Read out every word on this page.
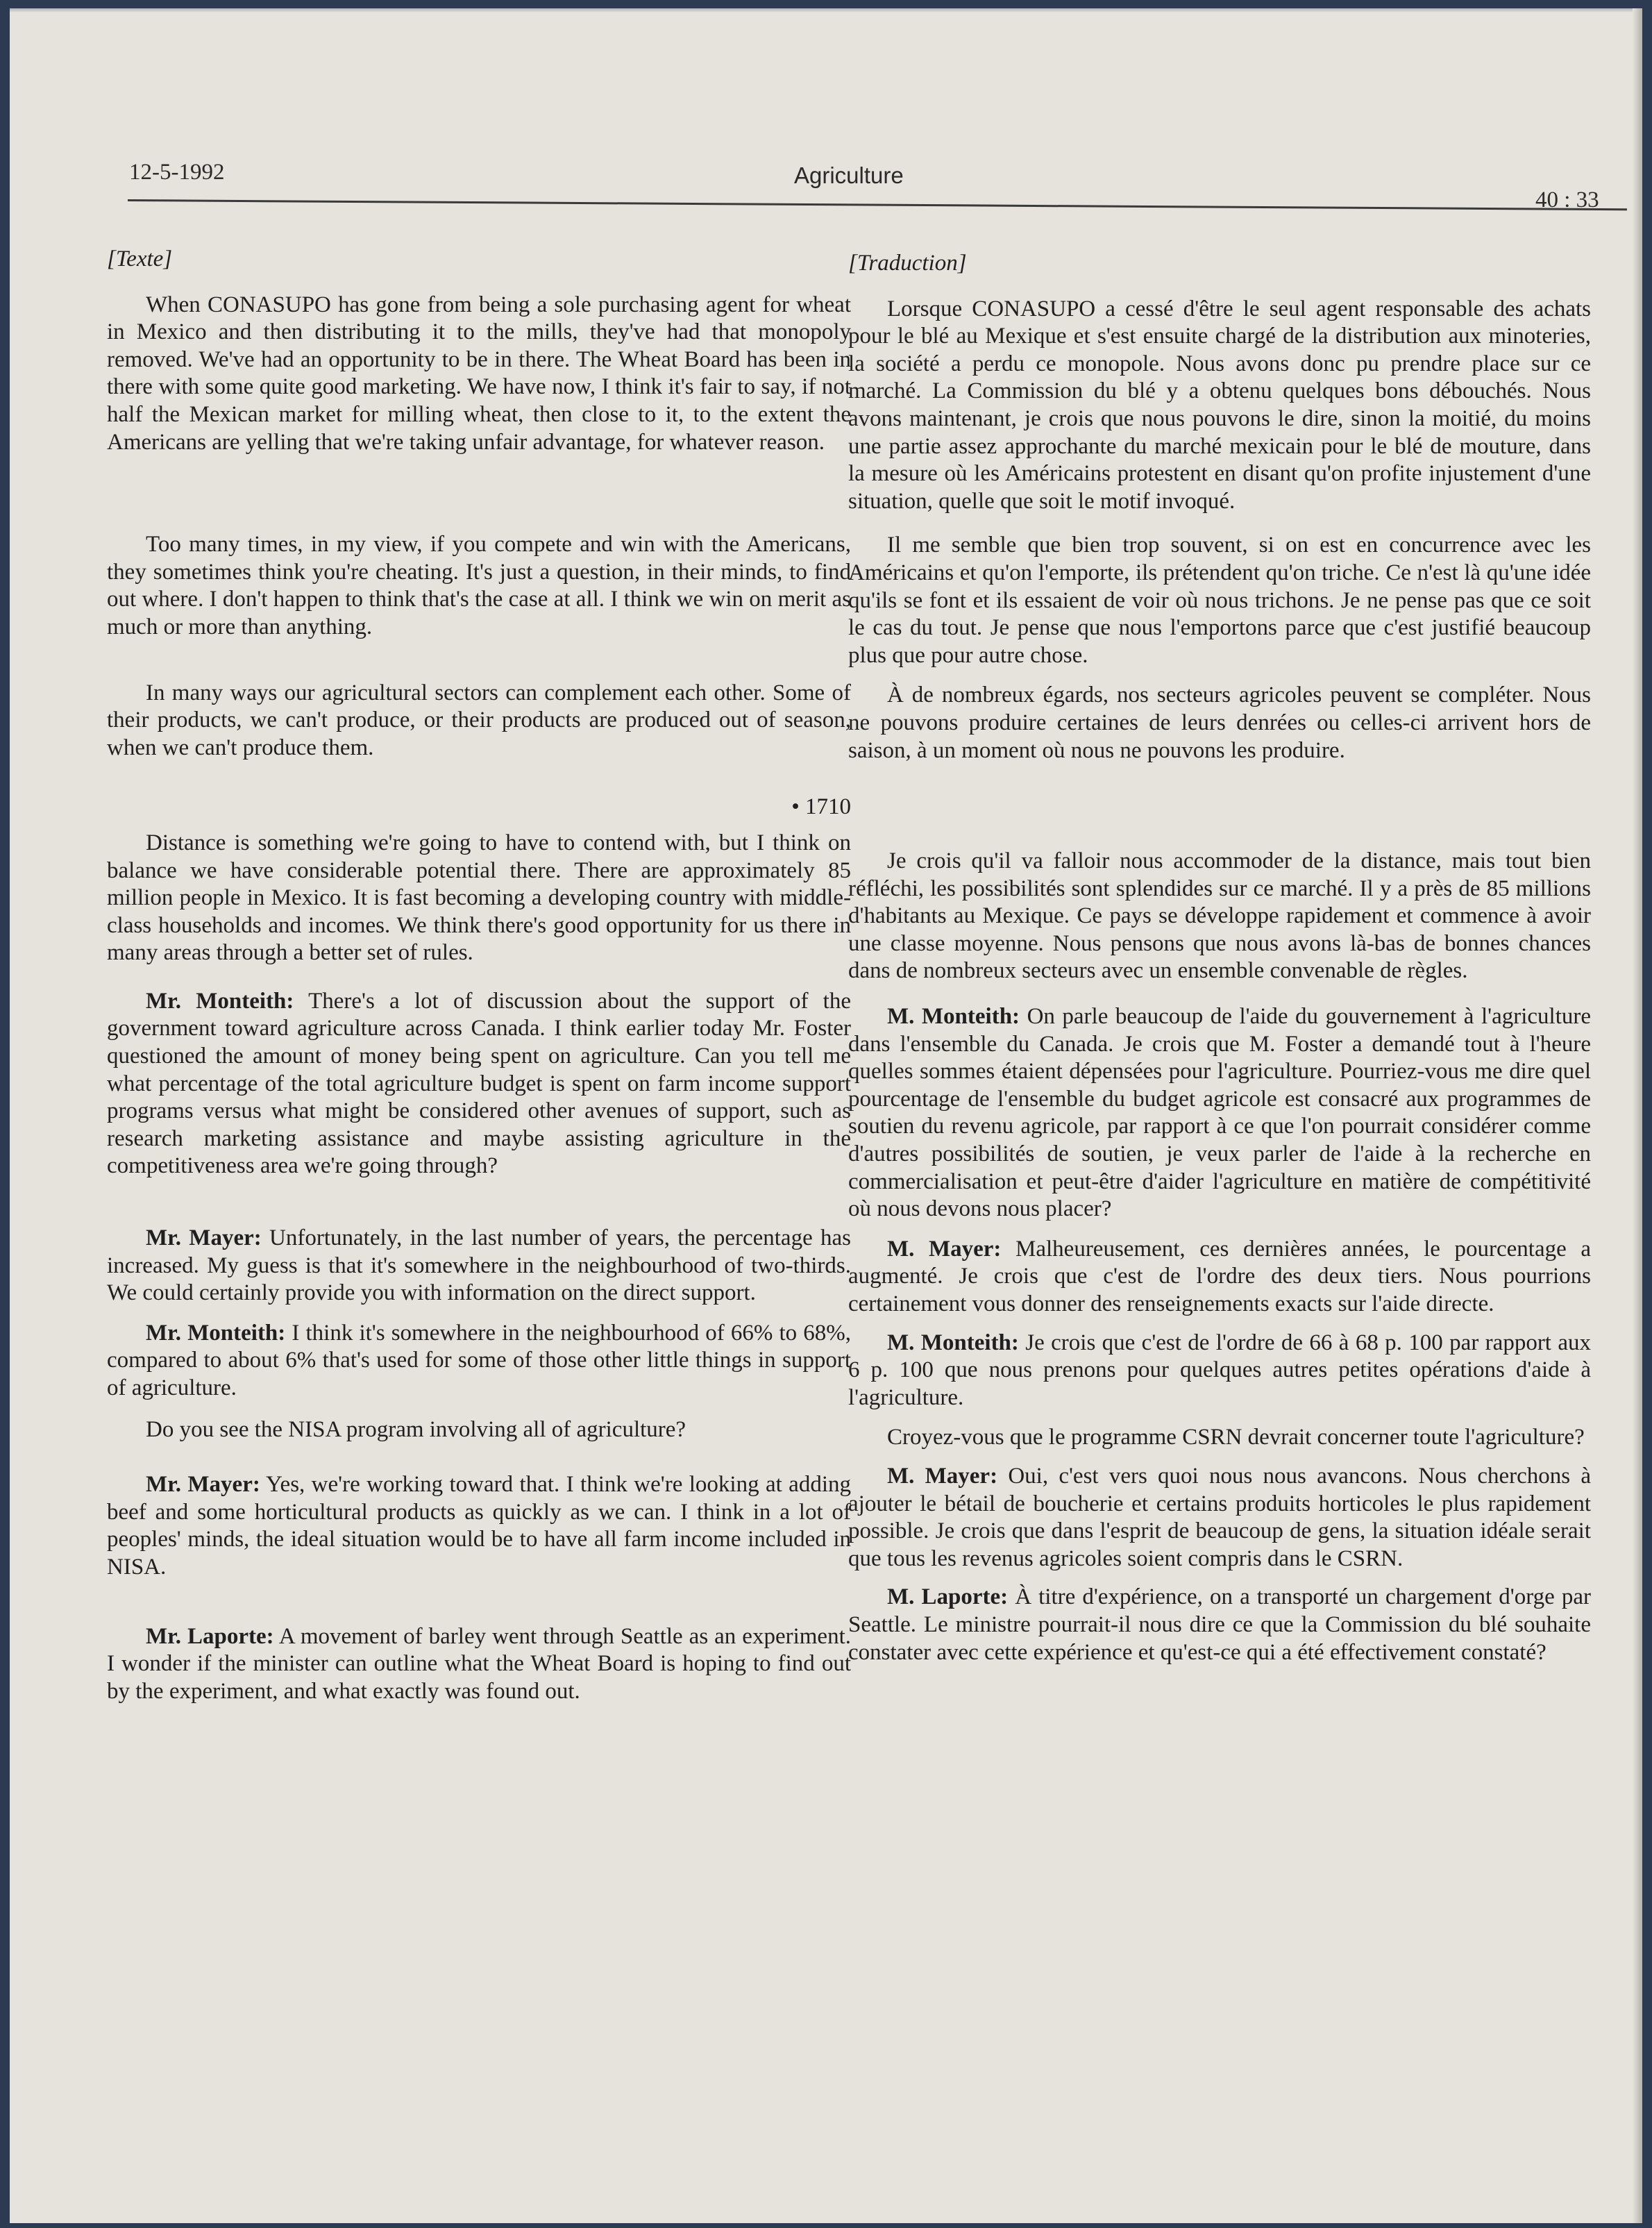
12-5-1992	Agriculture
40 : 33

[Texte]

When CONASUPO has gone from being a sole purchasing agent for wheat in Mexico and then distributing it to the mills, they've had that monopoly removed. We've had an opportunity to be in there. The Wheat Board has been in there with some quite good marketing. We have now, I think it's fair to say, if not half the Mexican market for milling wheat, then close to it, to the extent the Americans are yelling that we're taking unfair advantage, for whatever reason.

Too many times, in my view, if you compete and win with the Americans, they sometimes think you're cheating. It's just a question, in their minds, to find out where. I don't happen to think that's the case at all. I think we win on merit as much or more than anything.

In many ways our agricultural sectors can complement each other. Some of their products, we can't produce, or their products are produced out of season, when we can't produce them.

• 1710

Distance is something we're going to have to contend with, but I think on balance we have considerable potential there. There are approximately 85 million people in Mexico. It is fast becoming a developing country with middle-class households and incomes. We think there's good opportunity for us there in many areas through a better set of rules.

Mr. Monteith: There's a lot of discussion about the support of the government toward agriculture across Canada. I think earlier today Mr. Foster questioned the amount of money being spent on agriculture. Can you tell me what percentage of the total agriculture budget is spent on farm income support programs versus what might be considered other avenues of support, such as research marketing assistance and maybe assisting agriculture in the competitiveness area we're going through?

Mr. Mayer: Unfortunately, in the last number of years, the percentage has increased. My guess is that it's somewhere in the neighbourhood of two-thirds. We could certainly provide you with information on the direct support.

Mr. Monteith: I think it's somewhere in the neighbourhood of 66% to 68%, compared to about 6% that's used for some of those other little things in support of agriculture.

Do you see the NISA program involving all of agriculture?

Mr. Mayer: Yes, we're working toward that. I think we're looking at adding beef and some horticultural products as quickly as we can. I think in a lot of peoples' minds, the ideal situation would be to have all farm income included in NISA.

Mr. Laporte: A movement of barley went through Seattle as an experiment. I wonder if the minister can outline what the Wheat Board is hoping to find out by the experiment, and what exactly was found out.

[Traduction]

Lorsque CONASUPO a cessé d'être le seul agent responsable des achats pour le blé au Mexique et s'est ensuite chargé de la distribution aux minoteries, la société a perdu ce monopole. Nous avons donc pu prendre place sur ce marché. La Commission du blé y a obtenu quelques bons débouchés. Nous avons maintenant, je crois que nous pouvons le dire, sinon la moitié, du moins une partie assez approchante du marché mexicain pour le blé de mouture, dans la mesure où les Américains protestent en disant qu'on profite injustement d'une situation, quelle que soit le motif invoqué.

Il me semble que bien trop souvent, si on est en concurrence avec les Américains et qu'on l'emporte, ils prétendent qu'on triche. Ce n'est là qu'une idée qu'ils se font et ils essaient de voir où nous trichons. Je ne pense pas que ce soit le cas du tout. Je pense que nous l'emportons parce que c'est justifié beaucoup plus que pour autre chose.

À de nombreux égards, nos secteurs agricoles peuvent se compléter. Nous ne pouvons produire certaines de leurs denrées ou celles-ci arrivent hors de saison, à un moment où nous ne pouvons les produire.

Je crois qu'il va falloir nous accommoder de la distance, mais tout bien réfléchi, les possibilités sont splendides sur ce marché. Il y a près de 85 millions d'habitants au Mexique. Ce pays se développe rapidement et commence à avoir une classe moyenne. Nous pensons que nous avons là-bas de bonnes chances dans de nombreux secteurs avec un ensemble convenable de règles.

M. Monteith: On parle beaucoup de l'aide du gouvernement à l'agriculture dans l'ensemble du Canada. Je crois que M. Foster a demandé tout à l'heure quelles sommes étaient dépensées pour l'agriculture. Pourriez-vous me dire quel pourcentage de l'ensemble du budget agricole est consacré aux programmes de soutien du revenu agricole, par rapport à ce que l'on pourrait considérer comme d'autres possibilités de soutien, je veux parler de l'aide à la recherche en commercialisation et peut-être d'aider l'agriculture en matière de compétitivité où nous devons nous placer?

M. Mayer: Malheureusement, ces dernières années, le pourcentage a augmenté. Je crois que c'est de l'ordre des deux tiers. Nous pourrions certainement vous donner des renseignements exacts sur l'aide directe.

M. Monteith: Je crois que c'est de l'ordre de 66 à 68 p. 100 par rapport aux 6 p. 100 que nous prenons pour quelques autres petites opérations d'aide à l'agriculture.

Croyez-vous que le programme CSRN devrait concerner toute l'agriculture?

M. Mayer: Oui, c'est vers quoi nous nous avancons. Nous cherchons à ajouter le bétail de boucherie et certains produits horticoles le plus rapidement possible. Je crois que dans l'esprit de beaucoup de gens, la situation idéale serait que tous les revenus agricoles soient compris dans le CSRN.

M. Laporte: À titre d'expérience, on a transporté un chargement d'orge par Seattle. Le ministre pourrait-il nous dire ce que la Commission du blé souhaite constater avec cette expérience et qu'est-ce qui a été effectivement constaté?
